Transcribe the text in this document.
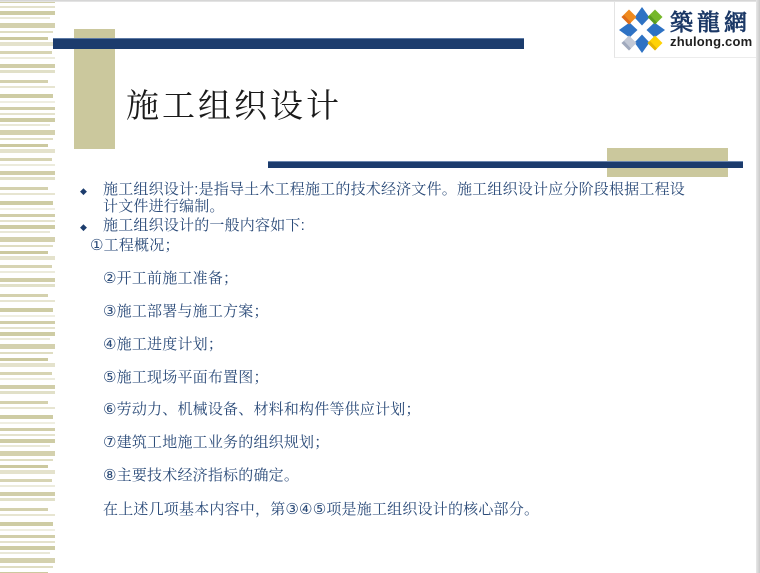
施工组织设计
築龍網
zhulong.com
◆	施工组织设计:是指导土木工程施工的技术经济文件。施工组织设计应分阶段根据工程设计文件进行编制。
◆	施工组织设计的一般内容如下:
①工程概况；
②开工前施工准备；
③施工部署与施工方案；
④施工进度计划；
⑤施工现场平面布置图；
⑥劳动力、机械设备、材料和构件等供应计划；
⑦建筑工地施工业务的组织规划；
⑧主要技术经济指标的确定。
在上述几项基本内容中，第③④⑤项是施工组织设计的核心部分。
